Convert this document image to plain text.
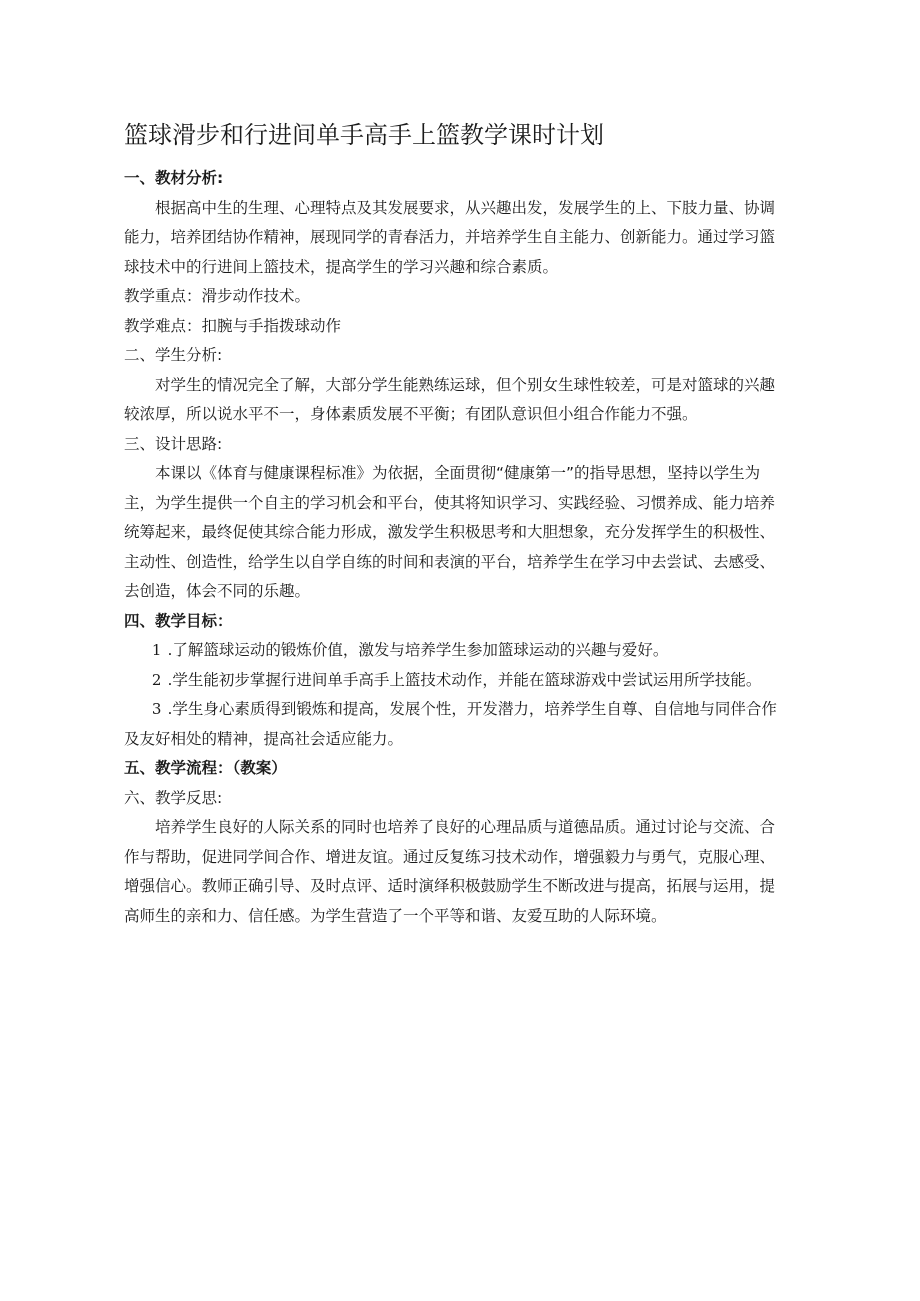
篮球滑步和行进间单手高手上篮教学课时计划

一、教材分析:

根据高中生的生理、心理特点及其发展要求，从兴趣出发，发展学生的上、下肢力量、协调能力，培养团结协作精神，展现同学的青春活力，并培养学生自主能力、创新能力。通过学习篮球技术中的行进间上篮技术，提高学生的学习兴趣和综合素质。

教学重点：滑步动作技术。

教学难点：扣腕与手指拨球动作

二、学生分析:

对学生的情况完全了解，大部分学生能熟练运球，但个别女生球性较差，可是对篮球的兴趣较浓厚，所以说水平不一，身体素质发展不平衡；有团队意识但小组合作能力不强。

三、设计思路:

本课以《体育与健康课程标准》为依据，全面贯彻“健康第一”的指导思想，坚持以学生为主，为学生提供一个自主的学习机会和平台，使其将知识学习、实践经验、习惯养成、能力培养统筹起来，最终促使其综合能力形成，激发学生积极思考和大胆想象，充分发挥学生的积极性、主动性、创造性，给学生以自学自练的时间和表演的平台，培养学生在学习中去尝试、去感受、去创造，体会不同的乐趣。

四、教学目标：

1 .了解篮球运动的锻炼价值，激发与培养学生参加篮球运动的兴趣与爱好。

2 .学生能初步掌握行进间单手高手上篮技术动作，并能在篮球游戏中尝试运用所学技能。

3 .学生身心素质得到锻炼和提高，发展个性，开发潜力，培养学生自尊、自信地与同伴合作及友好相处的精神，提高社会适应能力。

五、教学流程：（教案）

六、教学反思:

培养学生良好的人际关系的同时也培养了良好的心理品质与道德品质。通过讨论与交流、合作与帮助，促进同学间合作、增进友谊。通过反复练习技术动作，增强毅力与勇气，克服心理、增强信心。教师正确引导、及时点评、适时演绎积极鼓励学生不断改进与提高，拓展与运用，提高师生的亲和力、信任感。为学生营造了一个平等和谐、友爱互助的人际环境。
